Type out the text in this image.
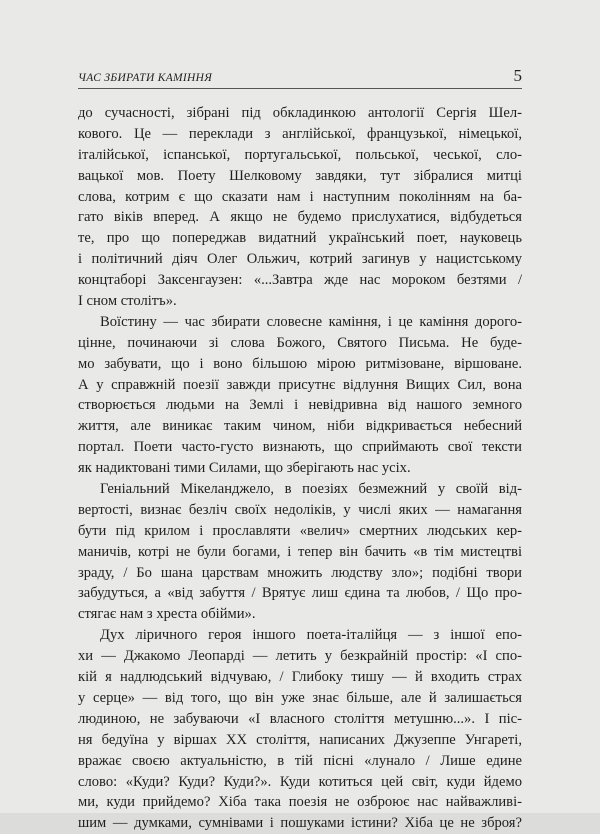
ЧАС ЗБИРАТИ КАМІННЯ	5
до сучасності, зібрані під обкладинкою антології Сергія Шел-
кового. Це — переклади з англійської, французької, німецької,
італійської, іспанської, португальської, польської, чеської, сло-
вацької мов. Поету Шелковому завдяки, тут зібралися митці
слова, котрим є що сказати нам і наступним поколінням на ба-
гато віків вперед. А якщо не будемо прислухатися, відбудеться
те, про що попереджав видатний український поет, науковець
і політичний діяч Олег Ольжич, котрий загинув у нацистському
концтаборі Заксенгаузен: «...Завтра жде нас мороком безтями /
І сном столітъ».
Воїстину — час збирати словесне каміння, і це каміння дорого-
цінне, починаючи зі слова Божого, Святого Письма. Не буде-
мо забувати, що і воно більшою мірою ритмізоване, віршоване.
А у справжній поезії завжди присутнє відлуння Вищих Сил, вона
створюється людьми на Землі і невідривна від нашого земного
життя, але виникає таким чином, ніби відкривається небесний
портал. Поети часто-густо визнають, що сприймають свої тексти
як надиктовані тими Силами, що зберігають нас усіх.
Геніальний Мікеланджело, в поезіях безмежний у своїй від-
вертості, визнає безліч своїх недоліків, у числі яких — намагання
бути під крилом і прославляти «велич» смертних людських кер-
маничів, котрі не були богами, і тепер він бачить «в тім мистецтві
зраду, / Бо шана царствам множить людству зло»; подібні твори
забудуться, а «від забуття / Врятує лиш єдина та любов, / Що про-
стягає нам з хреста обійми».
Дух ліричного героя іншого поета-італійця — з іншої епо-
хи — Джакомо Леопарді — летить у безкрайній простір: «І спо-
кій я надлюдський відчуваю, / Глибоку тишу — й входить страх
у серце» — від того, що він уже знає більше, але й залишається
людиною, не забуваючи «І власного століття метушню...». І піс-
ня бедуїна у віршах ХХ століття, написаних Джузеппе Унгареті,
вражає своєю актуальністю, в тій пісні «лунало / Лише едине
слово: «Куди? Куди? Куди?». Куди котиться цей світ, куди йдемо
ми, куди прийдемо? Хіба така поезія не озброює нас найважливі-
шим — думками, сумнівами і пошуками істини? Хіба це не зброя?
